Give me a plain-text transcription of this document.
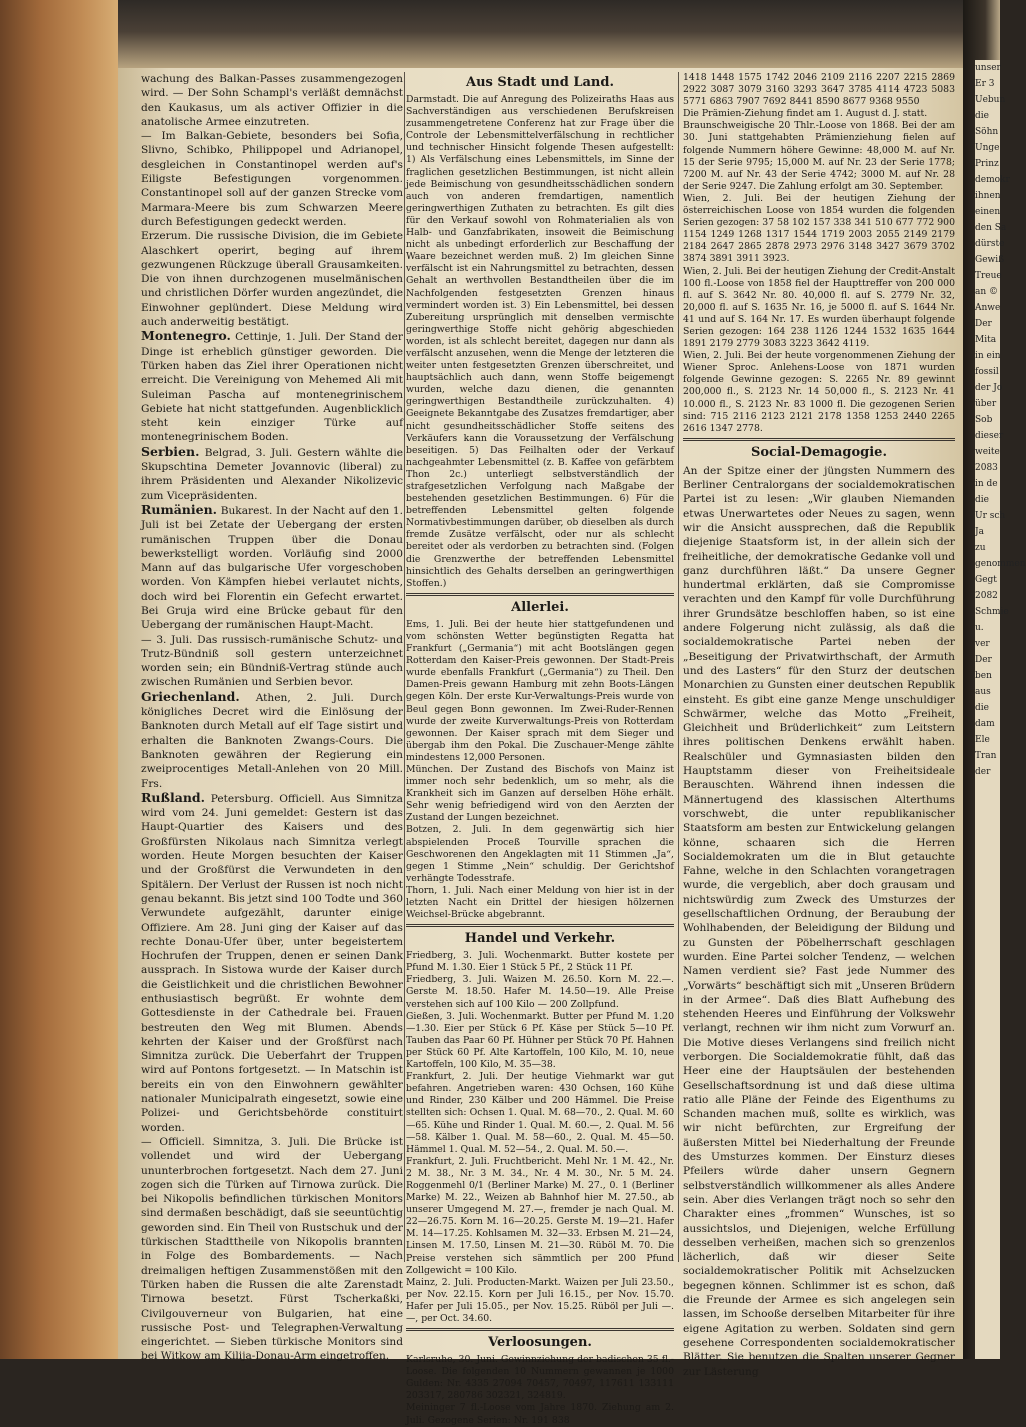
unser
Er 3
Uebun
die
Söhn
Unge
Prinz
demokr
ihnen
einen
den Sa
dürste
Gewiß
Treue
an ©
Anwe
Der
Mita
in ein
fossil
der Jo
über
Sob
dieser
weite
2083
in de
die
Ur sch
Ja
zu
genommen
Gegt
2082
Schmie
u.
ver
Der
ben
aus
die
dam
Ele
Tran
der

wachung des Balkan-Passes zusammengezogen wird. — Der Sohn Schampl's verläßt demnächst den Kaukasus, um als activer Offizier in die anatolische Armee einzutreten.

— Im Balkan-Gebiete, besonders bei Sofia, Slivno, Schibko, Philippopel und Adrianopel, desgleichen in Constantinopel werden auf's Eiligste Befestigungen vorgenommen. Constantinopel soll auf der ganzen Strecke vom Marmara-Meere bis zum Schwarzen Meere durch Befestigungen gedeckt werden.

Erzerum. Die russische Division, die im Gebiete Alaschkert operirt, beging auf ihrem gezwungenen Rückzuge überall Grausamkeiten. Die von ihnen durchzogenen muselmänischen und christlichen Dörfer wurden angezündet, die Einwohner geplündert. Diese Meldung wird auch anderweitig bestätigt.

Montenegro. Cettinje, 1. Juli. Der Stand der Dinge ist erheblich günstiger geworden. Die Türken haben das Ziel ihrer Operationen nicht erreicht. Die Vereinigung von Mehemed Ali mit Suleiman Pascha auf montenegrinischem Gebiete hat nicht stattgefunden. Augenblicklich steht kein einziger Türke auf montenegrinischem Boden.

Serbien. Belgrad, 3. Juli. Gestern wählte die Skupschtina Demeter Jovannovic (liberal) zu ihrem Präsidenten und Alexander Nikolizevic zum Vicepräsidenten.

Rumänien. Bukarest. In der Nacht auf den 1. Juli ist bei Zetate der Uebergang der ersten rumänischen Truppen über die Donau bewerkstelligt worden. Vorläufig sind 2000 Mann auf das bulgarische Ufer vorgeschoben worden. Von Kämpfen hiebei verlautet nichts, doch wird bei Florentin ein Gefecht erwartet. Bei Gruja wird eine Brücke gebaut für den Uebergang der rumänischen Haupt-Macht.

— 3. Juli. Das russisch-rumänische Schutz- und Trutz-Bündniß soll gestern unterzeichnet worden sein; ein Bündniß-Vertrag stünde auch zwischen Rumänien und Serbien bevor.

Griechenland. Athen, 2. Juli. Durch königliches Decret wird die Einlösung der Banknoten durch Metall auf elf Tage sistirt und erhalten die Banknoten Zwangs-Cours. Die Banknoten gewähren der Regierung ein zweiprocentiges Metall-Anlehen von 20 Mill. Frs.

Rußland. Petersburg. Officiell. Aus Simnitza wird vom 24. Juni gemeldet: Gestern ist das Haupt-Quartier des Kaisers und des Großfürsten Nikolaus nach Simnitza verlegt worden. Heute Morgen besuchten der Kaiser und der Großfürst die Verwundeten in den Spitälern. Der Verlust der Russen ist noch nicht genau bekannt. Bis jetzt sind 100 Todte und 360 Verwundete aufgezählt, darunter einige Offiziere. Am 28. Juni ging der Kaiser auf das rechte Donau-Ufer über, unter begeistertem Hochrufen der Truppen, denen er seinen Dank aussprach. In Sistowa wurde der Kaiser durch die Geistlichkeit und die christlichen Bewohner enthusiastisch begrüßt. Er wohnte dem Gottesdienste in der Cathedrale bei. Frauen bestreuten den Weg mit Blumen. Abends kehrten der Kaiser und der Großfürst nach Simnitza zurück. Die Ueberfahrt der Truppen wird auf Pontons fortgesetzt. — In Matschin ist bereits ein von den Einwohnern gewählter nationaler Municipalrath eingesetzt, sowie eine Polizei- und Gerichtsbehörde constituirt worden.

— Officiell. Simnitza, 3. Juli. Die Brücke ist vollendet und wird der Uebergang ununterbrochen fortgesetzt. Nach dem 27. Juni zogen sich die Türken auf Tirnowa zurück. Die bei Nikopolis befindlichen türkischen Monitors sind dermaßen beschädigt, daß sie seeuntüchtig geworden sind. Ein Theil von Rustschuk und der türkischen Stadttheile von Nikopolis brannten in Folge des Bombardements. — Nach dreimaligen heftigen Zusammenstößen mit den Türken haben die Russen die alte Zarenstadt Tirnowa besetzt. Fürst Tscherkaßki, Civilgouverneur von Bulgarien, hat eine russische Post- und Telegraphen-Verwaltung eingerichtet. — Sieben türkische Monitors sind bei Witkow am Kilija-Donau-Arm eingetroffen.

Aus Stadt und Land.

Darmstadt. Die auf Anregung des Polizeiraths Haas aus Sachverständigen aus verschiedenen Berufskreisen zusammengetretene Conferenz hat zur Frage über die Controle der Lebensmittelverfälschung in rechtlicher und technischer Hinsicht folgende Thesen aufgestellt: 1) Als Verfälschung eines Lebensmittels, im Sinne der fraglichen gesetzlichen Bestimmungen, ist nicht allein jede Beimischung von gesundheitsschädlichen sondern auch von anderen fremdartigen, namentlich geringwerthigen Zuthaten zu betrachten. Es gilt dies für den Verkauf sowohl von Rohmaterialien als von Halb- und Ganzfabrikaten, insoweit die Beimischung nicht als unbedingt erforderlich zur Beschaffung der Waare bezeichnet werden muß. 2) Im gleichen Sinne verfälscht ist ein Nahrungsmittel zu betrachten, dessen Gehalt an werthvollen Bestandtheilen über die im Nachfolgenden festgesetzten Grenzen hinaus vermindert worden ist. 3) Ein Lebensmittel, bei dessen Zubereitung ursprünglich mit denselben vermischte geringwerthige Stoffe nicht gehörig abgeschieden worden, ist als schlecht bereitet, dagegen nur dann als verfälscht anzusehen, wenn die Menge der letzteren die weiter unten festgesetzten Grenzen überschreitet, und hauptsächlich auch dann, wenn Stoffe beigemengt wurden, welche dazu dienen, die genannten geringwerthigen Bestandtheile zurückzuhalten. 4) Geeignete Bekanntgabe des Zusatzes fremdartiger, aber nicht gesundheitsschädlicher Stoffe seitens des Verkäufers kann die Voraussetzung der Verfälschung beseitigen. 5) Das Feilhalten oder der Verkauf nachgeahmter Lebensmittel (z. B. Kaffee von gefärbtem Thon 2c.) unterliegt selbstverständlich der strafgesetzlichen Verfolgung nach Maßgabe der bestehenden gesetzlichen Bestimmungen. 6) Für die betreffenden Lebensmittel gelten folgende Normativbestimmungen darüber, ob dieselben als durch fremde Zusätze verfälscht, oder nur als schlecht bereitet oder als verdorben zu betrachten sind. (Folgen die Grenzwerthe der betreffenden Lebensmittel hinsichtlich des Gehalts derselben an geringwerthigen Stoffen.)

Allerlei.

Ems, 1. Juli. Bei der heute hier stattgefundenen und vom schönsten Wetter begünstigten Regatta hat Frankfurt („Germania“) mit acht Bootslängen gegen Rotterdam den Kaiser-Preis gewonnen. Der Stadt-Preis wurde ebenfalls Frankfurt („Germania“) zu Theil. Den Damen-Preis gewann Hamburg mit zehn Boots-Längen gegen Köln. Der erste Kur-Verwaltungs-Preis wurde von Beul gegen Bonn gewonnen. Im Zwei-Ruder-Rennen wurde der zweite Kurverwaltungs-Preis von Rotterdam gewonnen. Der Kaiser sprach mit dem Sieger und übergab ihm den Pokal. Die Zuschauer-Menge zählte mindestens 12,000 Personen.

München. Der Zustand des Bischofs von Mainz ist immer noch sehr bedenklich, um so mehr, als die Krankheit sich im Ganzen auf derselben Höhe erhält. Sehr wenig befriedigend wird von den Aerzten der Zustand der Lungen bezeichnet.

Botzen, 2. Juli. In dem gegenwärtig sich hier abspielenden Proceß Tourville sprachen die Geschworenen den Angeklagten mit 11 Stimmen „Ja“, gegen 1 Stimme „Nein“ schuldig. Der Gerichtshof verhängte Todesstrafe.

Thorn, 1. Juli. Nach einer Meldung von hier ist in der letzten Nacht ein Drittel der hiesigen hölzernen Weichsel-Brücke abgebrannt.

Handel und Verkehr.

Friedberg, 3. Juli. Wochenmarkt. Butter kostete per Pfund M. 1.30. Eier 1 Stück 5 Pf., 2 Stück 11 Pf.

Friedberg, 3. Juli. Waizen M. 26.50. Korn M. 22.—. Gerste M. 18.50. Hafer M. 14.50—19. Alle Preise verstehen sich auf 100 Kilo — 200 Zollpfund.

Gießen, 3. Juli. Wochenmarkt. Butter per Pfund M. 1.20—1.30. Eier per Stück 6 Pf. Käse per Stück 5—10 Pf. Tauben das Paar 60 Pf. Hühner per Stück 70 Pf. Hahnen per Stück 60 Pf. Alte Kartoffeln, 100 Kilo, M. 10, neue Kartoffeln, 100 Kilo, M. 35—38.

Frankfurt, 2. Juli. Der heutige Viehmarkt war gut befahren. Angetrieben waren: 430 Ochsen, 160 Kühe und Rinder, 230 Kälber und 200 Hämmel. Die Preise stellten sich: Ochsen 1. Qual. M. 68—70., 2. Qual. M. 60—65. Kühe und Rinder 1. Qual. M. 60.—, 2. Qual. M. 56—58. Kälber 1. Qual. M. 58—60., 2. Qual. M. 45—50. Hämmel 1. Qual. M. 52—54., 2. Qual. M. 50.—.

Frankfurt, 2. Juli. Fruchtbericht. Mehl Nr. 1 M. 42., Nr. 2 M. 38., Nr. 3 M. 34., Nr. 4 M. 30., Nr. 5 M. 24. Roggenmehl 0/1 (Berliner Marke) M. 27., 0. 1 (Berliner Marke) M. 22., Weizen ab Bahnhof hier M. 27.50., ab unserer Umgegend M. 27.—, fremder je nach Qual. M. 22—26.75. Korn M. 16—20.25. Gerste M. 19—21. Hafer M. 14—17.25. Kohlsamen M. 32—33. Erbsen M. 21—24, Linsen M. 17.50, Linsen M. 21—30. Rüböl M. 70. Die Preise verstehen sich sämmtlich per 200 Pfund Zollgewicht = 100 Kilo.

Mainz, 2. Juli. Producten-Markt. Waizen per Juli 23.50., per Nov. 22.15. Korn per Juli 16.15., per Nov. 15.70. Hafer per Juli 15.05., per Nov. 15.25. Rüböl per Juli —.—, per Oct. 34.60.

Verloosungen.

Karlsruhe, 30. Juni. Gewinnziehung der badischen 35 fl.-Loose. Die folgenden 10 Nummern gewannen je 1000 Gulden: Nr. 4335 27094 70457, 70497, 117611 133111 203317, 280786 302321, 324819.

Meininger 7 fl.-Loose vom Jahre 1870. Ziehung am 2. Juli. Gezogene Serien: Nr. 191 838

1418 1448 1575 1742 2046 2109 2116 2207 2215 2869 2922 3087 3079 3160 3293 3647 3785 4114 4723 5083 5771 6863 7907 7692 8441 8590 8677 9368 9550

Die Prämien-Ziehung findet am 1. August d. J. statt.

Braunschweigische 20 Thlr.-Loose von 1868. Bei der am 30. Juni stattgehabten Prämienziehung fielen auf folgende Nummern höhere Gewinne: 48,000 M. auf Nr. 15 der Serie 9795; 15,000 M. auf Nr. 23 der Serie 1778; 7200 M. auf Nr. 43 der Serie 4742; 3000 M. auf Nr. 28 der Serie 9247. Die Zahlung erfolgt am 30. September.

Wien, 2. Juli. Bei der heutigen Ziehung der österreichischen Loose von 1854 wurden die folgenden Serien gezogen: 37 58 102 157 338 341 510 677 772 900 1154 1249 1268 1317 1544 1719 2003 2055 2149 2179 2184 2647 2865 2878 2973 2976 3148 3427 3679 3702 3874 3891 3911 3923.

Wien, 2. Juli. Bei der heutigen Ziehung der Credit-Anstalt 100 fl.-Loose von 1858 fiel der Haupttreffer von 200 000 fl. auf S. 3642 Nr. 80. 40,000 fl. auf S. 2779 Nr. 32, 20,000 fl. auf S. 1635 Nr. 16, je 5000 fl. auf S. 1644 Nr. 41 und auf S. 164 Nr. 17. Es wurden überhaupt folgende Serien gezogen: 164 238 1126 1244 1532 1635 1644 1891 2179 2779 3083 3223 3642 4119.

Wien, 2. Juli. Bei der heute vorgenommenen Ziehung der Wiener Sproc. Anlehens-Loose von 1871 wurden folgende Gewinne gezogen: S. 2265 Nr. 89 gewinnt 200,000 fl., S. 2123 Nr. 14 50,000 fl., S. 2123 Nr. 41 10.000 fl., S. 2123 Nr. 83 1000 fl. Die gezogenen Serien sind: 715 2116 2123 2121 2178 1358 1253 2440 2265 2616 1347 2778.

Social-Demagogie.

An der Spitze einer der jüngsten Nummern des Berliner Centralorgans der socialdemokratischen Partei ist zu lesen: „Wir glauben Niemanden etwas Unerwartetes oder Neues zu sagen, wenn wir die Ansicht aussprechen, daß die Republik diejenige Staatsform ist, in der allein sich der freiheitliche, der demokratische Gedanke voll und ganz durchführen läßt.“ Da unsere Gegner hundertmal erklärten, daß sie Compromisse verachten und den Kampf für volle Durchführung ihrer Grundsätze beschloffen haben, so ist eine andere Folgerung nicht zulässig, als daß die socialdemokratische Partei neben der „Beseitigung der Privatwirthschaft, der Armuth und des Lasters“ für den Sturz der deutschen Monarchien zu Gunsten einer deutschen Republik einsteht. Es gibt eine ganze Menge unschuldiger Schwärmer, welche das Motto „Freiheit, Gleichheit und Brüderlichkeit“ zum Leitstern ihres politischen Denkens erwählt haben. Realschüler und Gymnasiasten bilden den Hauptstamm dieser von Freiheitsideale Berauschten. Während ihnen indessen die Männertugend des klassischen Alterthums vorschwebt, die unter republikanischer Staatsform am besten zur Entwickelung gelangen könne, schaaren sich die Herren Socialdemokraten um die in Blut getauchte Fahne, welche in den Schlachten vorangetragen wurde, die vergeblich, aber doch grausam und nichtswürdig zum Zweck des Umsturzes der gesellschaftlichen Ordnung, der Beraubung der Wohlhabenden, der Beleidigung der Bildung und zu Gunsten der Pöbelherrschaft geschlagen wurden. Eine Partei solcher Tendenz, — welchen Namen verdient sie? Fast jede Nummer des „Vorwärts“ beschäftigt sich mit „Unseren Brüdern in der Armee“. Daß dies Blatt Aufhebung des stehenden Heeres und Einführung der Volkswehr verlangt, rechnen wir ihm nicht zum Vorwurf an. Die Motive dieses Verlangens sind freilich nicht verborgen. Die Socialdemokratie fühlt, daß das Heer eine der Hauptsäulen der bestehenden Gesellschaftsordnung ist und daß diese ultima ratio alle Pläne der Feinde des Eigenthums zu Schanden machen muß, sollte es wirklich, was wir nicht befürchten, zur Ergreifung der äußersten Mittel bei Niederhaltung der Freunde des Umsturzes kommen. Der Einsturz dieses Pfeilers würde daher unsern Gegnern selbstverständlich willkommener als alles Andere sein. Aber dies Verlangen trägt noch so sehr den Charakter eines „frommen“ Wunsches, ist so aussichtslos, und Diejenigen, welche Erfüllung desselben verheißen, machen sich so grenzenlos lächerlich, daß wir dieser Seite socialdemokratischer Politik mit Achselzucken begegnen können. Schlimmer ist es schon, daß die Freunde der Armee es sich angelegen sein lassen, im Schooße derselben Mitarbeiter für ihre eigene Agitation zu werben. Soldaten sind gern gesehene Correspondenten socialdemokratischer Blätter. Sie benutzen die Spalten unserer Gegner zur Lästerung
